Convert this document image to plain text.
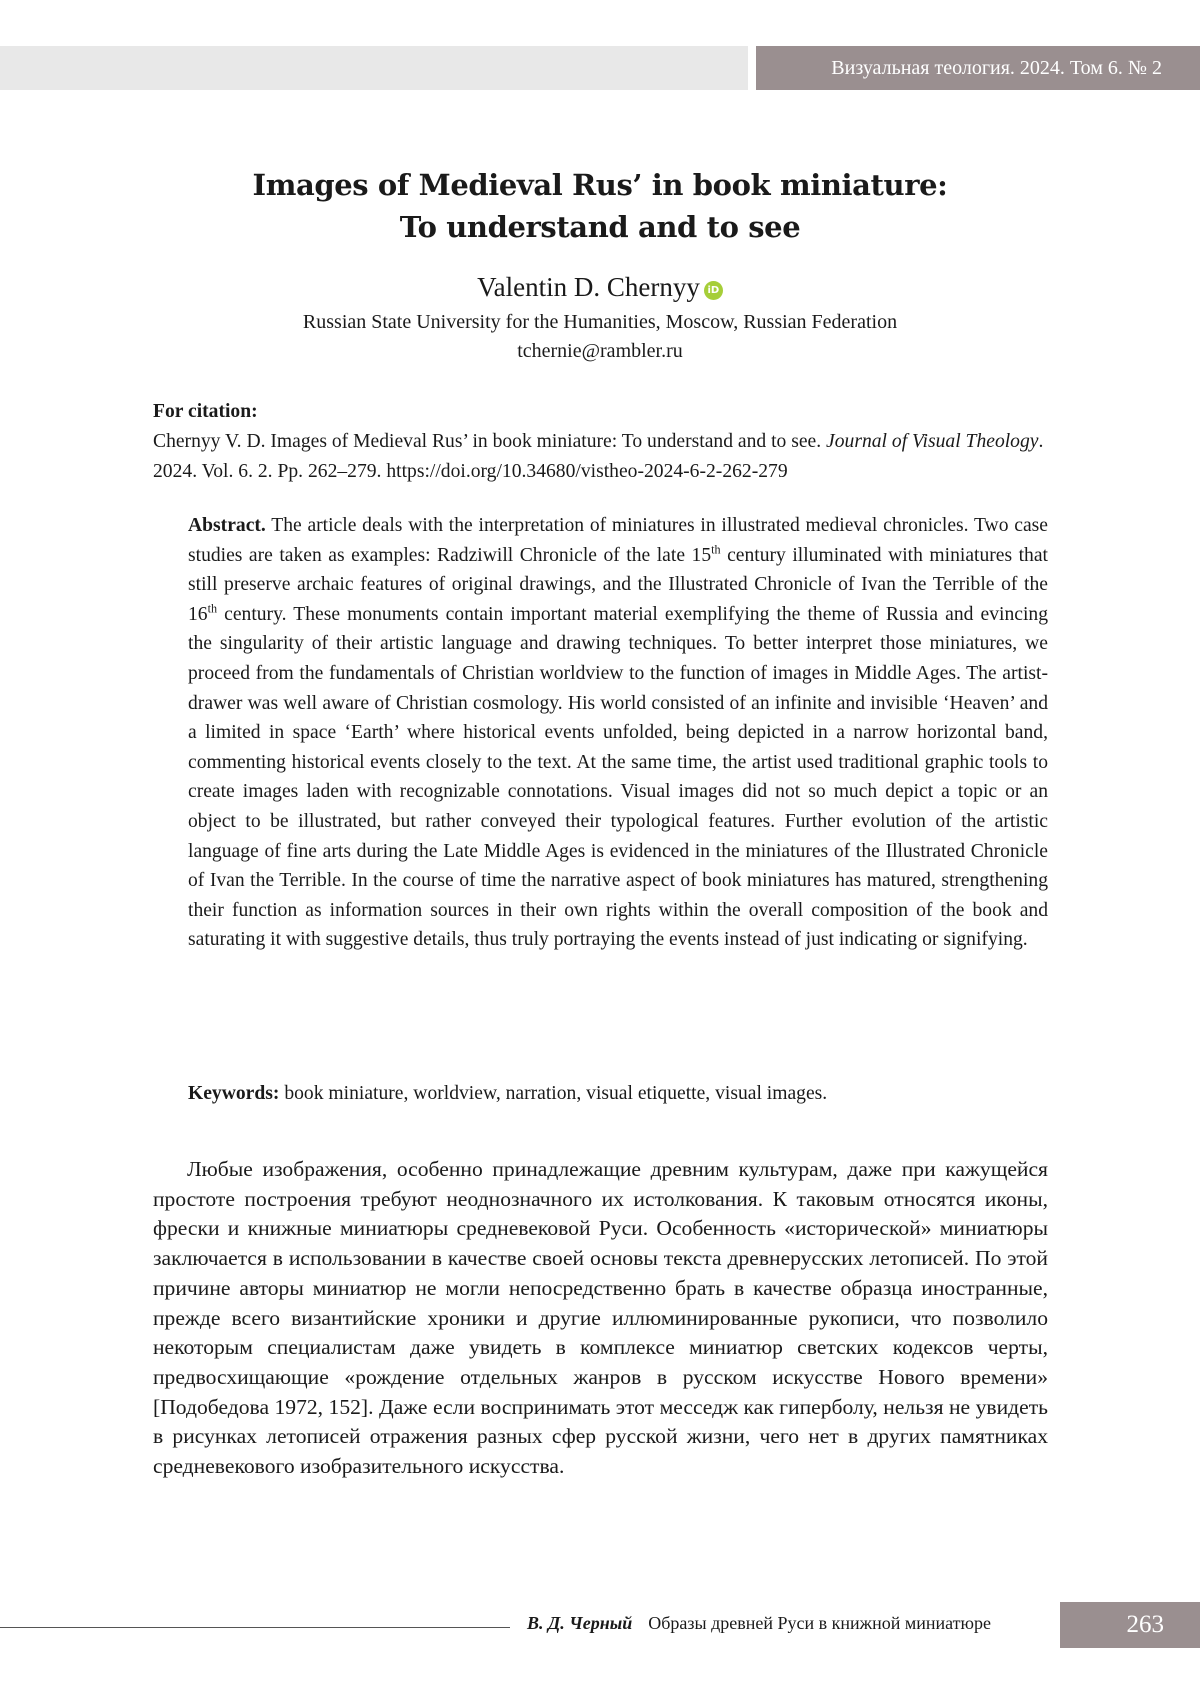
Визуальная теология. 2024. Том 6. № 2
Images of Medieval Rus’ in book miniature:
To understand and to see
Valentin D. Chernyy iD
Russian State University for the Humanities, Moscow, Russian Federation
tchernie@rambler.ru
For citation:
Chernyy V. D. Images of Medieval Rus’ in book miniature: To understand and to see. Journal of Visual Theology. 2024. Vol. 6. 2. Pp. 262–279. https://doi.org/10.34680/vistheo-2024-6-2-262-279
Abstract. The article deals with the interpretation of miniatures in illustrated medieval chronicles. Two case studies are taken as examples: Radziwill Chronicle of the late 15th century illuminated with miniatures that still preserve archaic features of original drawings, and the Illustrated Chronicle of Ivan the Terrible of the 16th century. These monuments contain important material exemplifying the theme of Russia and evincing the singularity of their artistic language and drawing techniques. To better interpret those miniatures, we proceed from the fundamentals of Christian worldview to the function of images in Middle Ages. The artist-drawer was well aware of Christian cosmology. His world consisted of an infinite and invisible ‘Heaven’ and a limited in space ‘Earth’ where historical events unfolded, being depicted in a narrow horizontal band, commenting historical events closely to the text. At the same time, the artist used traditional graphic tools to create images laden with recognizable connotations. Visual images did not so much depict a topic or an object to be illustrated, but rather conveyed their typological features. Further evolution of the artistic language of fine arts during the Late Middle Ages is evidenced in the miniatures of the Illustrated Chronicle of Ivan the Terrible. In the course of time the narrative aspect of book miniatures has matured, strengthening their function as information sources in their own rights within the overall composition of the book and saturating it with suggestive details, thus truly portraying the events instead of just indicating or signifying.
Keywords: book miniature, worldview, narration, visual etiquette, visual images.
Любые изображения, особенно принадлежащие древним культурам, даже при кажущейся простоте построения требуют неоднозначного их истолкования. К таковым относятся иконы, фрески и книжные миниатюры средневековой Руси. Особенность «исторической» миниатюры заключается в использовании в качестве своей основы текста древнерусских летописей. По этой причине авторы миниатюр не могли непосредственно брать в качестве образца иностранные, прежде всего византийские хроники и другие иллюминированные рукописи, что позволило некоторым специалистам даже увидеть в комплексе миниатюр светских кодексов черты, предвосхищающие «рождение отдельных жанров в русском искусстве Нового времени» [Подобедова 1972, 152]. Даже если воспринимать этот месседж как гиперболу, нельзя не увидеть в рисунках летописей отражения разных сфер русской жизни, чего нет в других памятниках средневекового изобразительного искусства.
В. Д. Черный Образы древней Руси в книжной миниатюре	263
